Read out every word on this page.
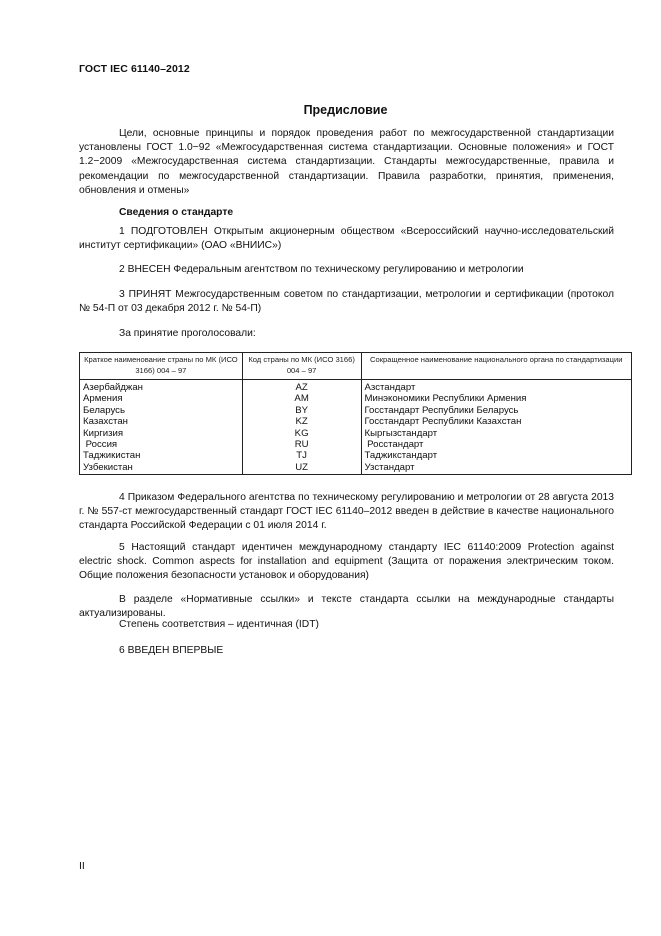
ГОСТ IEC 61140–2012
Предисловие
Цели, основные принципы и порядок проведения работ по межгосударственной стандартизации установлены ГОСТ 1.0−92 «Межгосударственная система стандартизации. Основные положения» и ГОСТ 1.2−2009 «Межгосударственная система стандартизации. Стандарты межгосударственные, правила и рекомендации по межгосударственной стандартизации. Правила разработки, принятия, применения, обновления и отмены»
Сведения о стандарте
1 ПОДГОТОВЛЕН Открытым акционерным обществом «Всероссийский научно-исследовательский институт сертификации» (ОАО «ВНИИС»)
2 ВНЕСЕН Федеральным агентством по техническому регулированию и метрологии
3 ПРИНЯТ Межгосударственным советом по стандартизации, метрологии и сертификации (протокол № 54-П от 03 декабря 2012 г. № 54-П)
За принятие проголосовали:
Краткое наименование страны по МК (ИСО 3166) 004 – 97	Код страны по МК (ИСО 3166) 004 – 97	Сокращенное наименование национального органа по стандартизации
Азербайджан	AZ	Азстандарт
Армения	AM	Минэкономики Республики Армения
Беларусь	BY	Госстандарт Республики Беларусь
Казахстан	KZ	Госстандарт Республики Казахстан
Киргизия	KG	Кыргызстандарт
Россия	RU	Росстандарт
Таджикистан	TJ	Таджикстандарт
Узбекистан	UZ	Узстандарт
4 Приказом Федерального агентства по техническому регулированию и метрологии от 28 августа 2013 г. № 557-ст межгосударственный стандарт ГОСТ IEC 61140–2012 введен в действие в качестве национального стандарта Российской Федерации с 01 июля 2014 г.
5 Настоящий стандарт идентичен международному стандарту IEC 61140:2009 Protection against electric shock. Common aspects for installation and equipment (Защита от поражения электрическим током. Общие положения безопасности установок и оборудования)
В разделе «Нормативные ссылки» и тексте стандарта ссылки на международные стандарты актуализированы.
Степень соответствия – идентичная (IDT)
6 ВВЕДЕН ВПЕРВЫЕ
II
